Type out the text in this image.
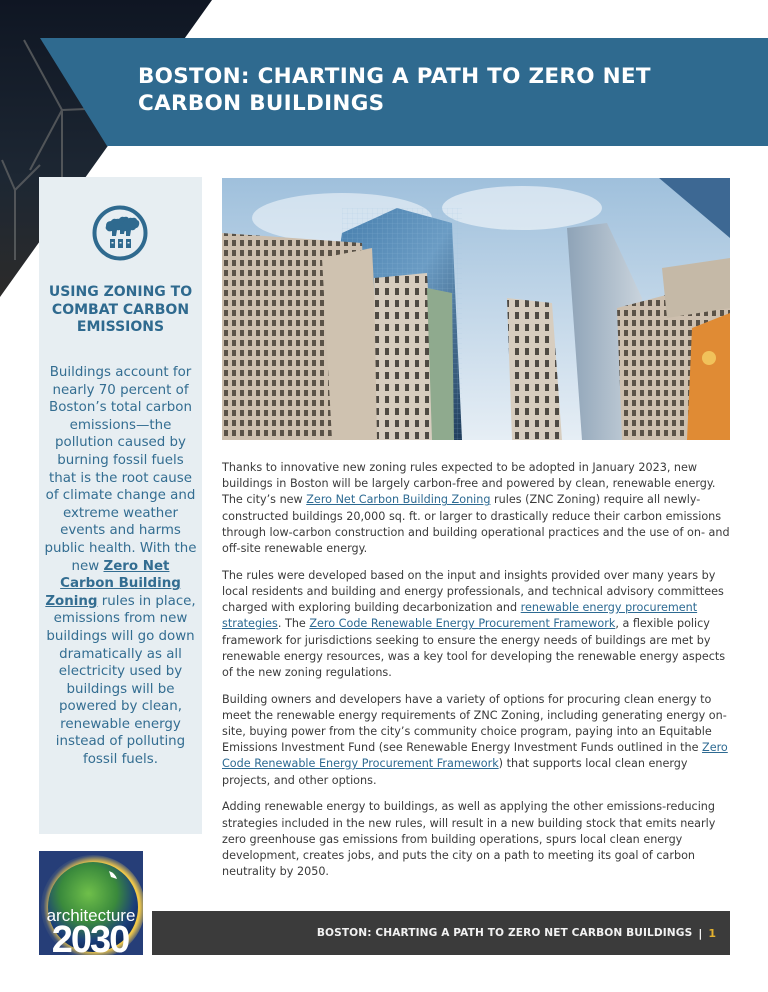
BOSTON: CHARTING A PATH TO ZERO NET CARBON BUILDINGS
USING ZONING TO COMBAT CARBON EMISSIONS

Buildings account for nearly 70 percent of Boston’s total carbon emissions—the pollution caused by burning fossil fuels that is the root cause of climate change and extreme weather events and harms public health. With the new Zero Net Carbon Building Zoning rules in place, emissions from new buildings will go down dramatically as all electricity used by buildings will be powered by clean, renewable energy instead of polluting fossil fuels.

Thanks to innovative new zoning rules expected to be adopted in January 2023, new buildings in Boston will be largely carbon-free and powered by clean, renewable energy. The city’s new Zero Net Carbon Building Zoning rules (ZNC Zoning) require all newly-constructed buildings 20,000 sq. ft. or larger to drastically reduce their carbon emissions through low-carbon construction and building operational practices and the use of on- and off-site renewable energy.

The rules were developed based on the input and insights provided over many years by local residents and building and energy professionals, and technical advisory committees charged with exploring building decarbonization and renewable energy procurement strategies. The Zero Code Renewable Energy Procurement Framework, a flexible policy framework for jurisdictions seeking to ensure the energy needs of buildings are met by renewable energy resources, was a key tool for developing the renewable energy aspects of the new zoning regulations.

Building owners and developers have a variety of options for procuring clean energy to meet the renewable energy requirements of ZNC Zoning, including generating energy on-site, buying power from the city’s community choice program, paying into an Equitable Emissions Investment Fund (see Renewable Energy Investment Funds outlined in the Zero Code Renewable Energy Procurement Framework) that supports local clean energy projects, and other options.

Adding renewable energy to buildings, as well as applying the other emissions-reducing strategies included in the new rules, will result in a new building stock that emits nearly zero greenhouse gas emissions from building operations, spurs local clean energy development, creates jobs, and puts the city on a path to meeting its goal of carbon neutrality by 2050.

architecture
2030	BOSTON: CHARTING A PATH TO ZERO NET CARBON BUILDINGS | 1
